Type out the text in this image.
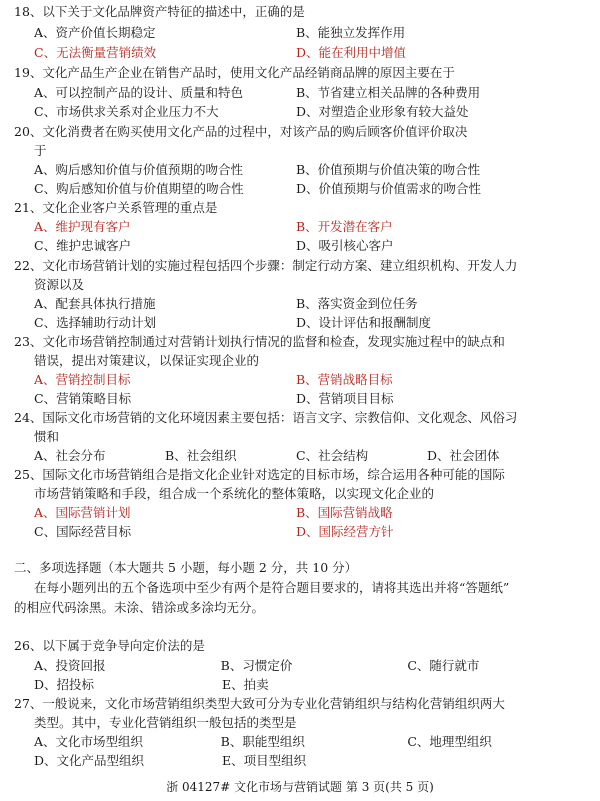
18、以下关于文化品牌资产特征的描述中，正确的是
A、资产价值长期稳定	B、能独立发挥作用
C、无法衡量营销绩效	D、能在利用中增值
19、文化产品生产企业在销售产品时，使用文化产品经销商品牌的原因主要在于
A、可以控制产品的设计、质量和特色	B、节省建立相关品牌的各种费用
C、市场供求关系对企业压力不大	D、对塑造企业形象有较大益处
20、文化消费者在购买使用文化产品的过程中，对该产品的购后顾客价值评价取决
于
A、购后感知价值与价值预期的吻合性	B、价值预期与价值决策的吻合性
C、购后感知价值与价值期望的吻合性	D、价值预期与价值需求的吻合性
21、文化企业客户关系管理的重点是
A、维护现有客户	B、开发潜在客户
C、维护忠诚客户	D、吸引核心客户
22、文化市场营销计划的实施过程包括四个步骤：制定行动方案、建立组织机构、开发人力
资源以及
A、配套具体执行措施	B、落实资金到位任务
C、选择辅助行动计划	D、设计评估和报酬制度
23、文化市场营销控制通过对营销计划执行情况的监督和检查，发现实施过程中的缺点和
错误，提出对策建议，以保证实现企业的
A、营销控制目标	B、营销战略目标
C、营销策略目标	D、营销项目目标
24、国际文化市场营销的文化环境因素主要包括：语言文字、宗教信仰、文化观念、风俗习
惯和
A、社会分布	B、社会组织	C、社会结构	D、社会团体
25、国际文化市场营销组合是指文化企业针对选定的目标市场，综合运用各种可能的国际
市场营销策略和手段，组合成一个系统化的整体策略，以实现文化企业的
A、国际营销计划	B、国际营销战略
C、国际经营目标	D、国际经营方针
二、多项选择题（本大题共 5 小题，每小题 2 分，共 10 分）
在每小题列出的五个备选项中至少有两个是符合题目要求的，请将其选出并将“答题纸”
的相应代码涂黑。未涂、错涂或多涂均无分。
26、以下属于竞争导向定价法的是
A、投资回报	B、习惯定价	C、随行就市
D、招投标	E、拍卖
27、一般说来，文化市场营销组织类型大致可分为专业化营销组织与结构化营销组织两大
类型。其中，专业化营销组织一般包括的类型是
A、文化市场型组织	B、职能型组织	C、地理型组织
D、文化产品型组织	E、项目型组织
浙 04127# 文化市场与营销试题 第 3 页(共 5 页)
